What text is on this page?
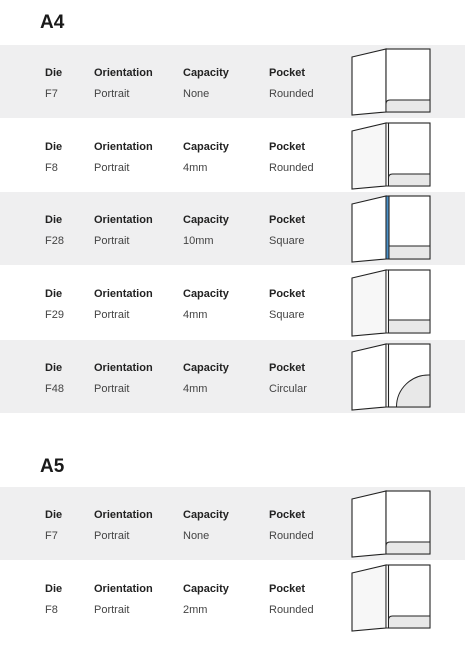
A4
Die
F7
Orientation
Portrait
Capacity
None
Pocket
Rounded
Die
F8
Orientation
Portrait
Capacity
4mm
Pocket
Rounded
Die
F28
Orientation
Portrait
Capacity
10mm
Pocket
Square
Die
F29
Orientation
Portrait
Capacity
4mm
Pocket
Square
Die
F48
Orientation
Portrait
Capacity
4mm
Pocket
Circular
A5
Die
F7
Orientation
Portrait
Capacity
None
Pocket
Rounded
Die
F8
Orientation
Portrait
Capacity
2mm
Pocket
Rounded
